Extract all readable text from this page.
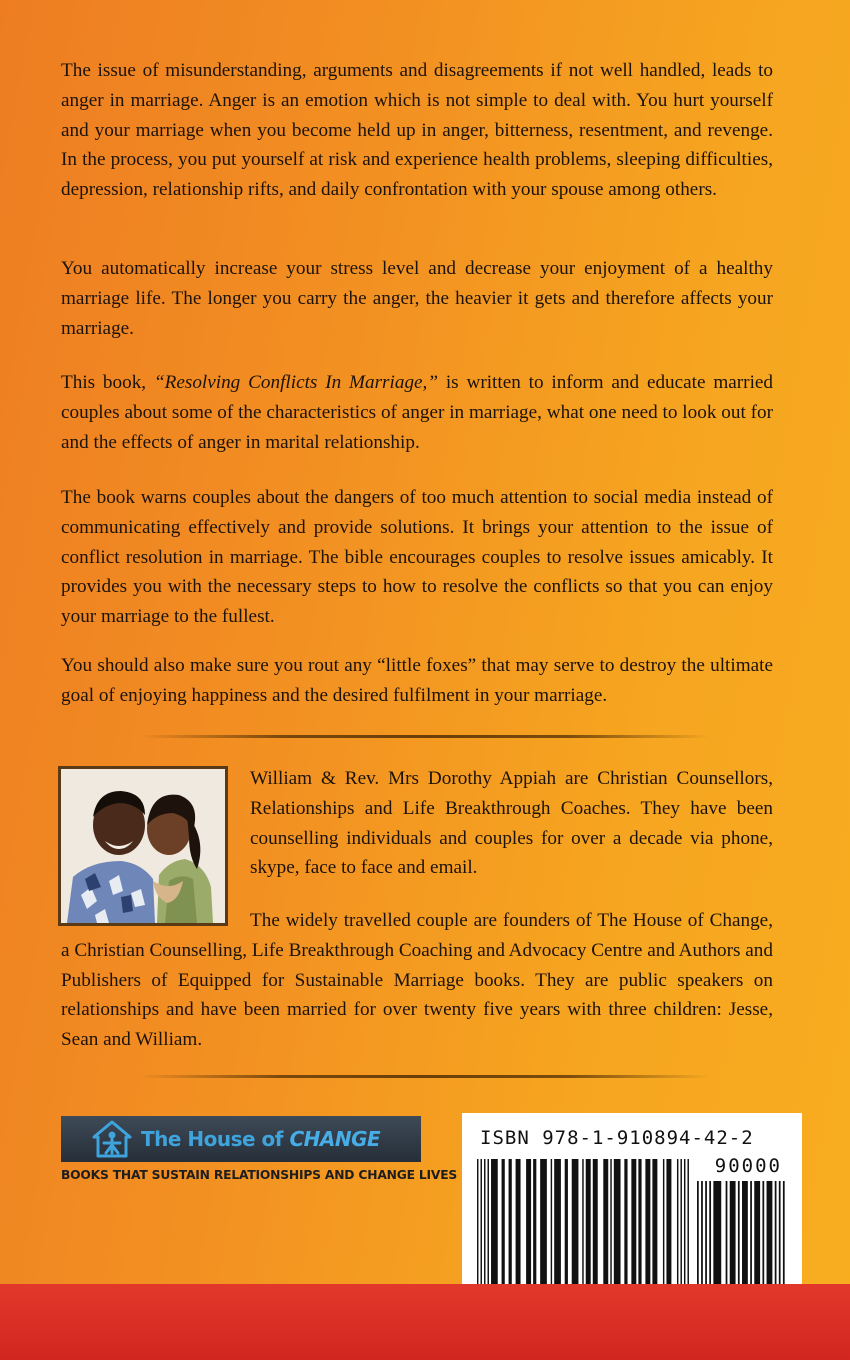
The issue of misunderstanding, arguments and disagreements if not well handled, leads to anger in marriage. Anger is an emotion which is not simple to deal with. You hurt yourself and your marriage when you become held up in anger, bitterness, resentment, and revenge. In the process, you put yourself at risk and experience health problems, sleeping difficulties, depression, relationship rifts, and daily confrontation with your spouse among others.

You automatically increase your stress level and decrease your enjoyment of a healthy marriage life. The longer you carry the anger, the heavier it gets and therefore affects your marriage.

This book, “Resolving Conflicts In Marriage,” is written to inform and educate married couples about some of the characteristics of anger in marriage, what one need to look out for and the effects of anger in marital relationship.

The book warns couples about the dangers of too much attention to social media instead of communicating effectively and provide solutions. It brings your attention to the issue of conflict resolution in marriage. The bible encourages couples to resolve issues amicably. It provides you with the necessary steps to how to resolve the conflicts so that you can enjoy your marriage to the fullest.

You should also make sure you rout any “little foxes” that may serve to destroy the ultimate goal of enjoying happiness and the desired fulfilment in your marriage.

William & Rev. Mrs Dorothy Appiah are Christian Counsellors, Relationships and Life Breakthrough Coaches. They have been counselling individuals and couples for over a decade via phone, skype, face to face and email.

The widely travelled couple are founders of The House of Change, a Christian Counselling, Life Breakthrough Coaching and Advocacy Centre and Authors and Publishers of Equipped for Sustainable Marriage books. They are public speakers on relationships and have been married for over twenty five years with three children: Jesse, Sean and William.

The House of CHANGE
BOOKS THAT SUSTAIN RELATIONSHIPS AND CHANGE LIVES
ISBN 978-1-910894-42-2
90000
